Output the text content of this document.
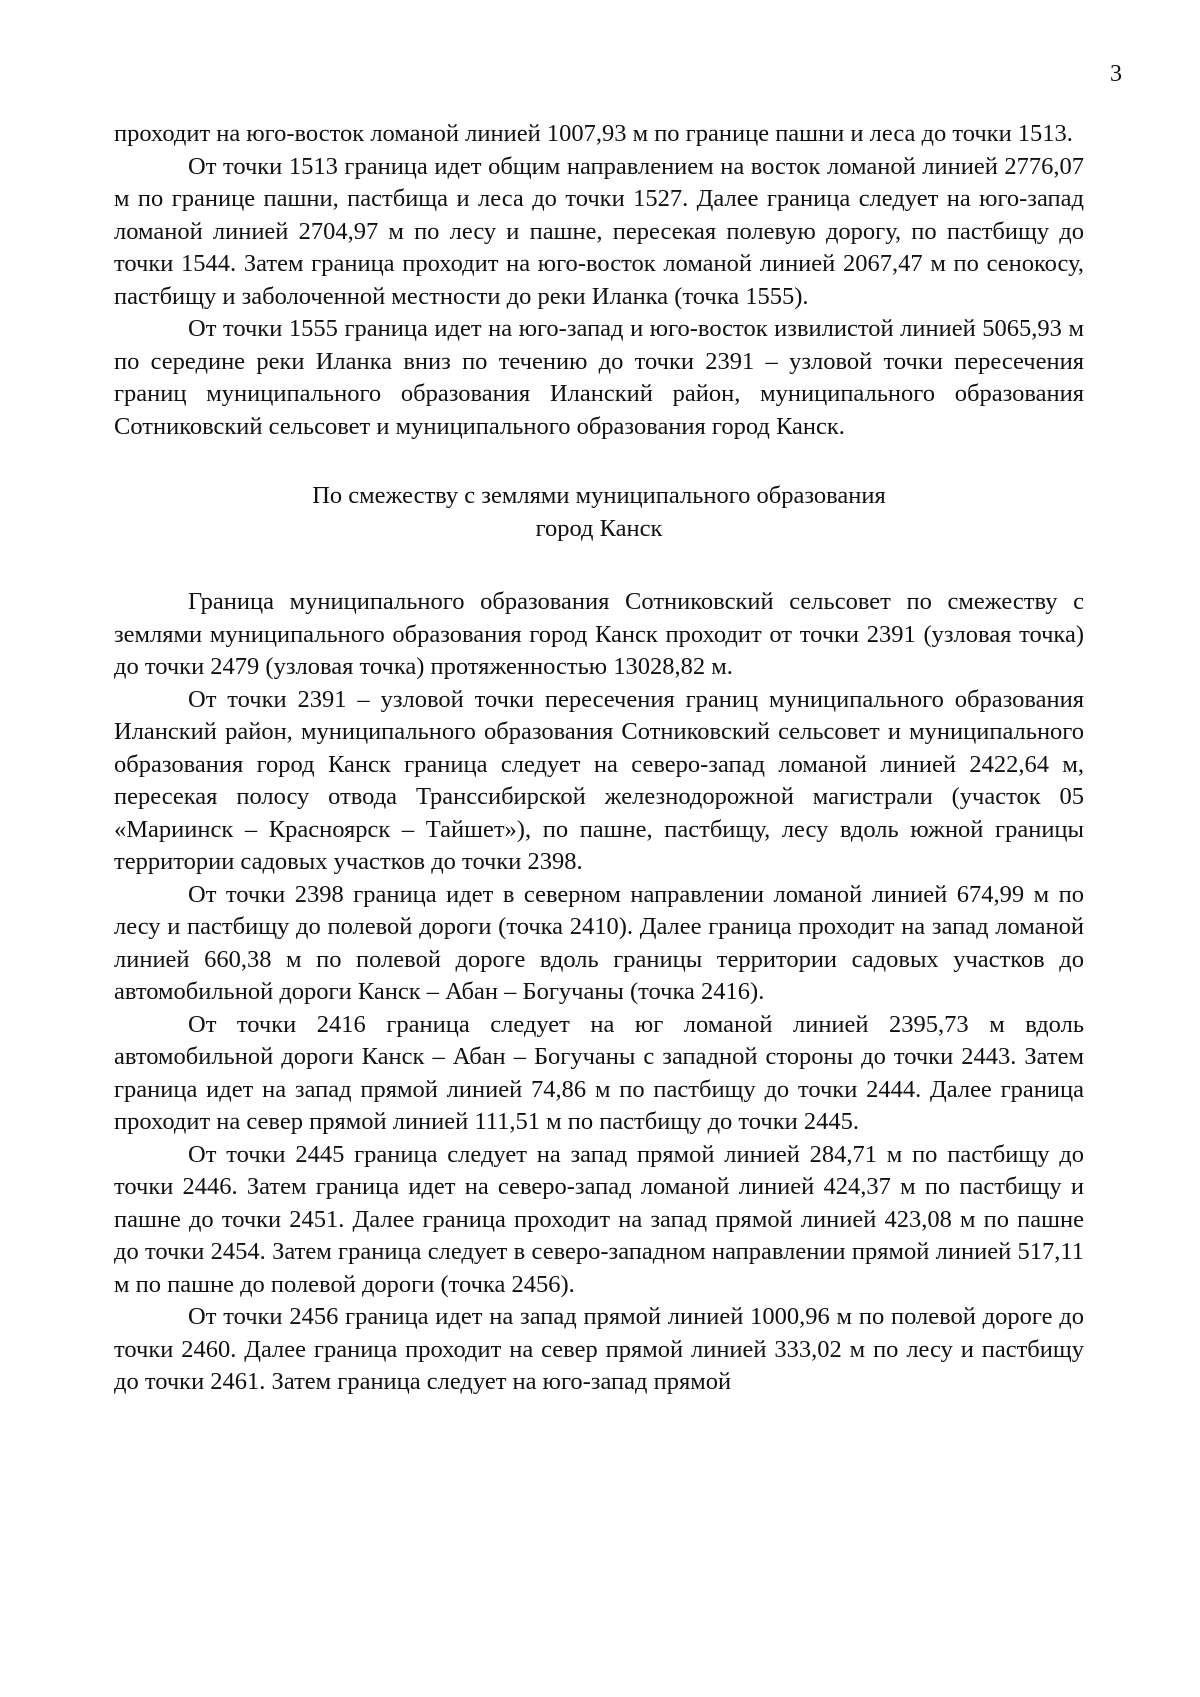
3

проходит на юго-восток ломаной линией 1007,93 м по границе пашни и леса до точки 1513.

От точки 1513 граница идет общим направлением на восток ломаной линией 2776,07 м по границе пашни, пастбища и леса до точки 1527. Далее граница следует на юго-запад ломаной линией 2704,97 м по лесу и пашне, пересекая полевую дорогу, по пастбищу до точки 1544. Затем граница проходит на юго-восток ломаной линией 2067,47 м по сенокосу, пастбищу и заболоченной местности до реки Иланка (точка 1555).

От точки 1555 граница идет на юго-запад и юго-восток извилистой линией 5065,93 м по середине реки Иланка вниз по течению до точки 2391 – узловой точки пересечения границ муниципального образования Иланский район, муниципального образования Сотниковский сельсовет и муниципального образования город Канск.

По смежеству с землями муниципального образования
город Канск

Граница муниципального образования Сотниковский сельсовет по смежеству с землями муниципального образования город Канск проходит от точки 2391 (узловая точка) до точки 2479 (узловая точка) протяженностью 13028,82 м.

От точки 2391 – узловой точки пересечения границ муниципального образования Иланский район, муниципального образования Сотниковский сельсовет и муниципального образования город Канск граница следует на северо-запад ломаной линией 2422,64 м, пересекая полосу отвода Транссибирской железнодорожной магистрали (участок 05 «Мариинск – Красноярск – Тайшет»), по пашне, пастбищу, лесу вдоль южной границы территории садовых участков до точки 2398.

От точки 2398 граница идет в северном направлении ломаной линией 674,99 м по лесу и пастбищу до полевой дороги (точка 2410). Далее граница проходит на запад ломаной линией 660,38 м по полевой дороге вдоль границы территории садовых участков до автомобильной дороги Канск – Абан – Богучаны (точка 2416).

От точки 2416 граница следует на юг ломаной линией 2395,73 м вдоль автомобильной дороги Канск – Абан – Богучаны с западной стороны до точки 2443. Затем граница идет на запад прямой линией 74,86 м по пастбищу до точки 2444. Далее граница проходит на север прямой линией 111,51 м по пастбищу до точки 2445.

От точки 2445 граница следует на запад прямой линией 284,71 м по пастбищу до точки 2446. Затем граница идет на северо-запад ломаной линией 424,37 м по пастбищу и пашне до точки 2451. Далее граница проходит на запад прямой линией 423,08 м по пашне до точки 2454. Затем граница следует в северо-западном направлении прямой линией 517,11 м по пашне до полевой дороги (точка 2456).

От точки 2456 граница идет на запад прямой линией 1000,96 м по полевой дороге до точки 2460. Далее граница проходит на север прямой линией 333,02 м по лесу и пастбищу до точки 2461. Затем граница следует на юго-запад прямой
